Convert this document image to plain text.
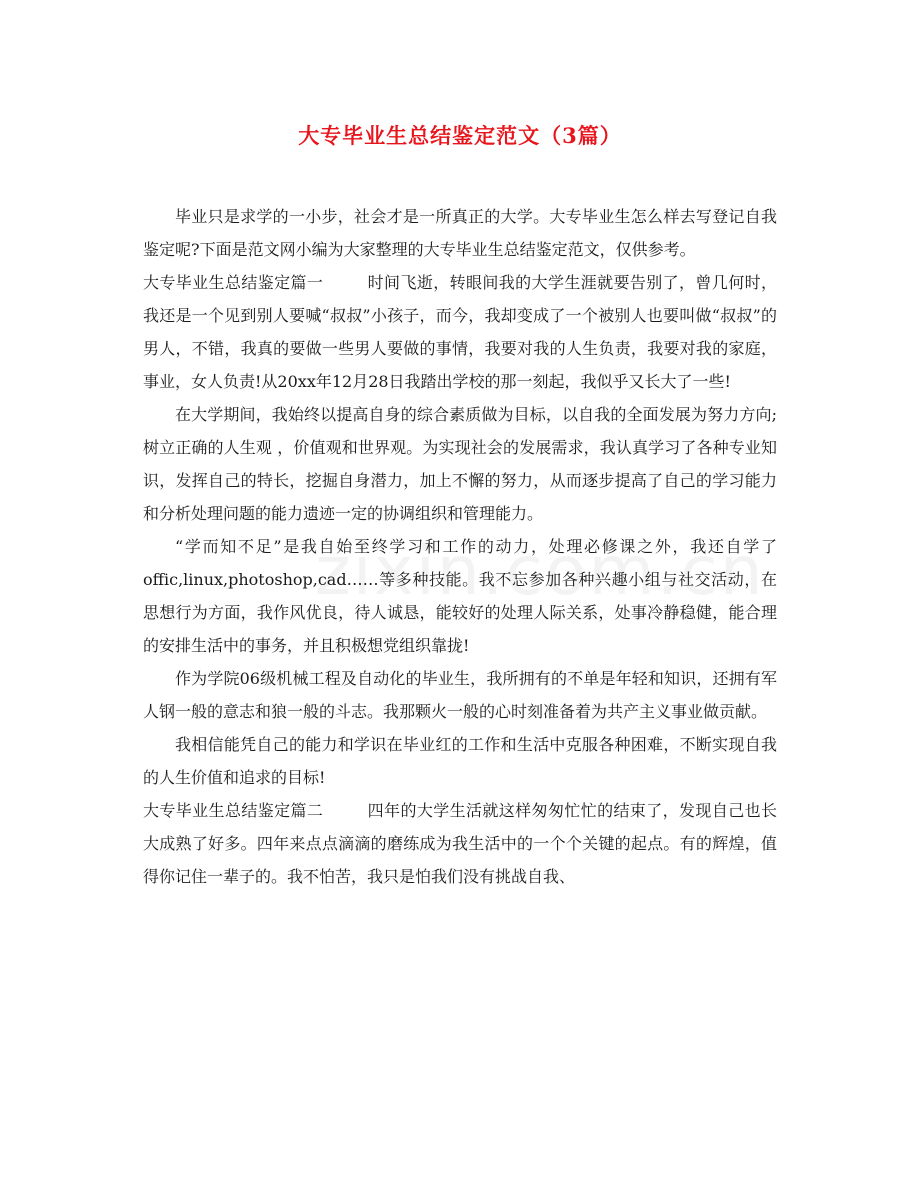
大专毕业生总结鉴定范文（3篇）

毕业只是求学的一小步，社会才是一所真正的大学。大专毕业生怎么样去写登记自我鉴定呢?下面是范文网小编为大家整理的大专毕业生总结鉴定范文，仅供参考。

大专毕业生总结鉴定篇一	时间飞逝，转眼间我的大学生涯就要告别了，曾几何时，我还是一个见到别人要喊“叔叔”小孩子，而今，我却变成了一个被别人也要叫做“叔叔”的男人，不错，我真的要做一些男人要做的事情，我要对我的人生负责，我要对我的家庭，事业，女人负责!从20xx年12月28日我踏出学校的那一刻起，我似乎又长大了一些!

在大学期间，我始终以提高自身的综合素质做为目标，以自我的全面发展为努力方向;树立正确的人生观 ，价值观和世界观。为实现社会的发展需求，我认真学习了各种专业知识，发挥自己的特长，挖掘自身潜力，加上不懈的努力，从而逐步提高了自己的学习能力和分析处理问题的能力遗迹一定的协调组织和管理能力。

“学而知不足”是我自始至终学习和工作的动力，处理必修课之外，我还自学了offic,linux,photoshop,cad……等多种技能。我不忘参加各种兴趣小组与社交活动，在思想行为方面，我作风优良，待人诚恳，能较好的处理人际关系，处事冷静稳健，能合理的安排生活中的事务，并且积极想党组织靠拢!

作为学院06级机械工程及自动化的毕业生，我所拥有的不单是年轻和知识，还拥有军人钢一般的意志和狼一般的斗志。我那颗火一般的心时刻准备着为共产主义事业做贡献。

我相信能凭自己的能力和学识在毕业红的工作和生活中克服各种困难，不断实现自我的人生价值和追求的目标!

大专毕业生总结鉴定篇二	四年的大学生活就这样匆匆忙忙的结束了，发现自己也长大成熟了好多。四年来点点滴滴的磨练成为我生活中的一个个关键的起点。有的辉煌，值得你记住一辈子的。我不怕苦，我只是怕我们没有挑战自我、
